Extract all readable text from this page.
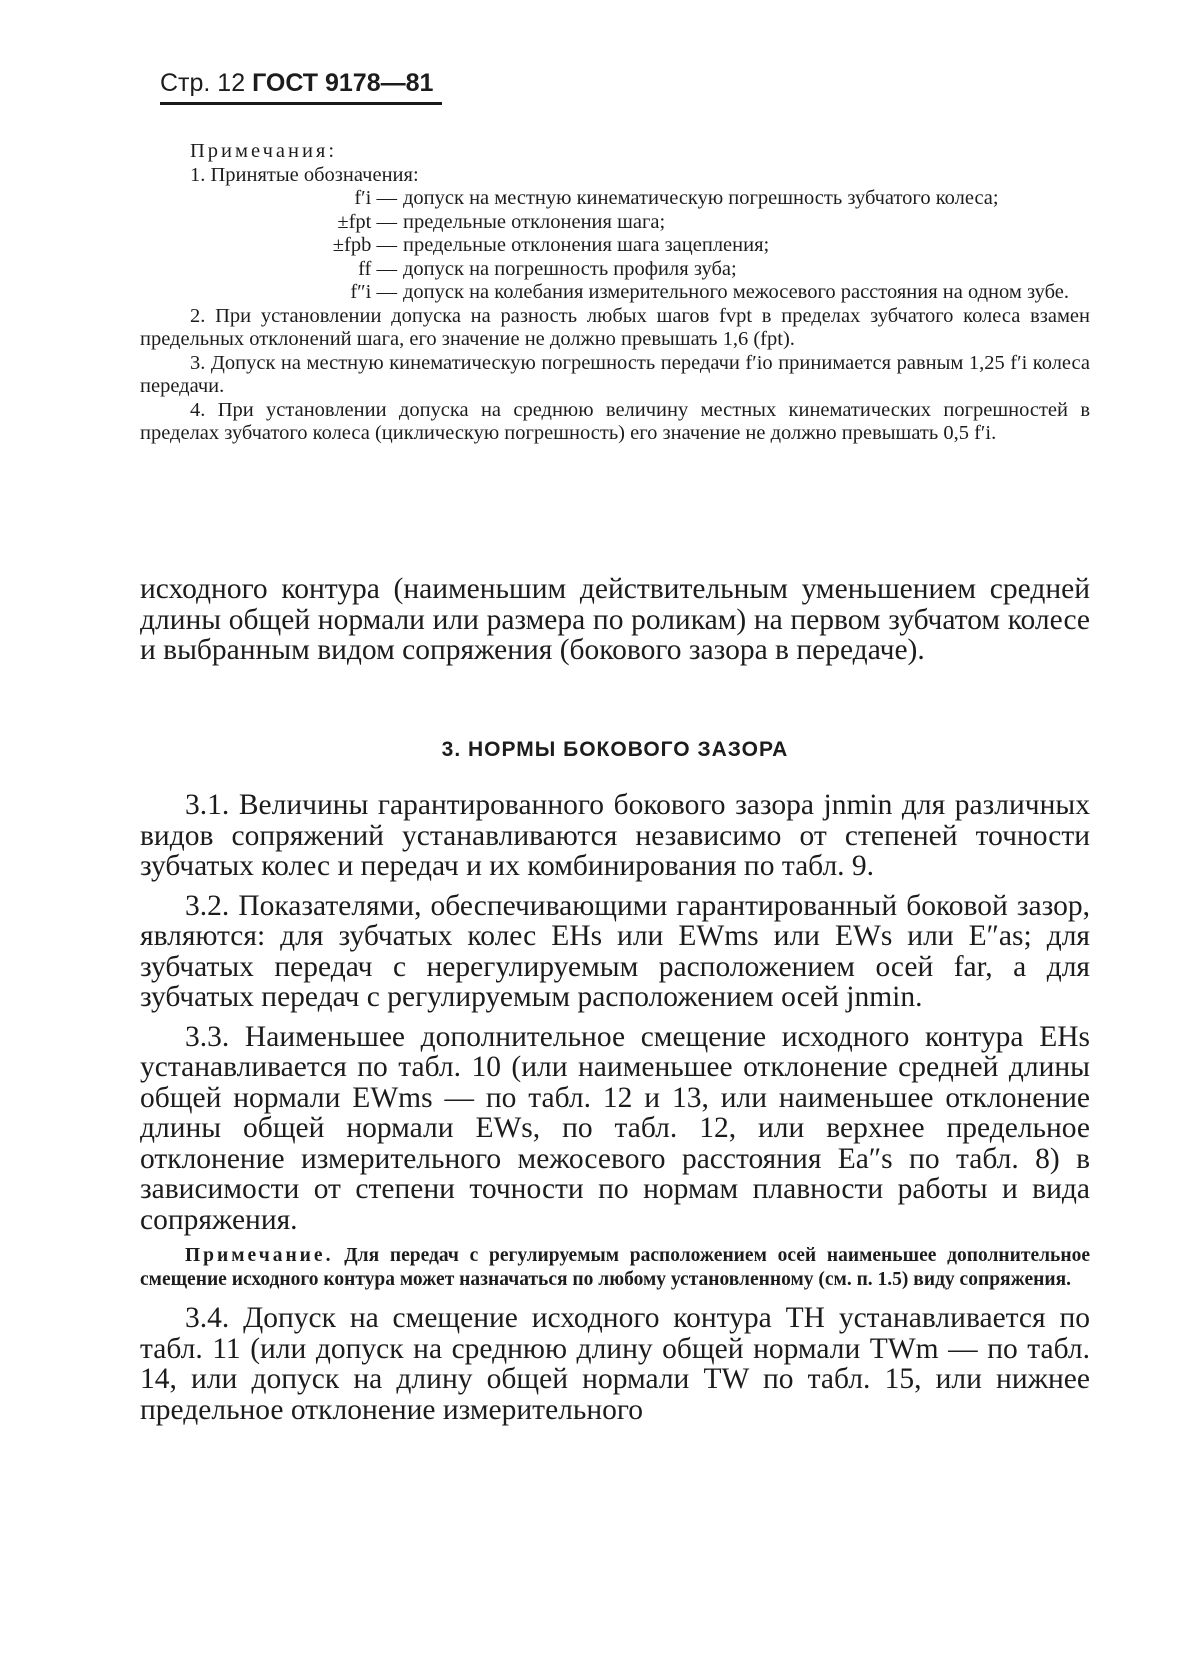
Стр. 12 ГОСТ 9178—81
Примечания:
1. Принятые обозначения:
f′i — допуск на местную кинематическую погрешность зубчатого колеса;
±fpt — предельные отклонения шага;
±fpb — предельные отклонения шага зацепления;
ff — допуск на погрешность профиля зуба;
f″i — допуск на колебания измерительного межосевого расстояния на одном зубе.
2. При установлении допуска на разность любых шагов fvpt в пределах зубчатого колеса взамен предельных отклонений шага, его значение не должно превышать 1,6 (fpt).
3. Допуск на местную кинематическую погрешность передачи f′io принимается равным 1,25 f′i колеса передачи.
4. При установлении допуска на среднюю величину местных кинематических погрешностей в пределах зубчатого колеса (циклическую погрешность) его значение не должно превышать 0,5 f′i.
исходного контура (наименьшим действительным уменьшением средней длины общей нормали или размера по роликам) на первом зубчатом колесе и выбранным видом сопряжения (бокового зазора в передаче).
3. НОРМЫ БОКОВОГО ЗАЗОРА

3.1. Величины гарантированного бокового зазора jnmin для различных видов сопряжений устанавливаются независимо от степеней точности зубчатых колес и передач и их комбинирования по табл. 9.

3.2. Показателями, обеспечивающими гарантированный боковой зазор, являются: для зубчатых колес EHs или EWms или EWs или E″as; для зубчатых передач с нерегулируемым расположением осей far, а для зубчатых передач с регулируемым расположением осей jnmin.

3.3. Наименьшее дополнительное смещение исходного контура EHs устанавливается по табл. 10 (или наименьшее отклонение средней длины общей нормали EWms — по табл. 12 и 13, или наименьшее отклонение длины общей нормали EWs, по табл. 12, или верхнее предельное отклонение измерительного межосевого расстояния Ea″s по табл. 8) в зависимости от степени точности по нормам плавности работы и вида сопряжения.

Примечание. Для передач с регулируемым расположением осей наименьшее дополнительное смещение исходного контура может назначаться по любому установленному (см. п. 1.5) виду сопряжения.

3.4. Допуск на смещение исходного контура TH устанавливается по табл. 11 (или допуск на среднюю длину общей нормали TWm — по табл. 14, или допуск на длину общей нормали TW по табл. 15, или нижнее предельное отклонение измерительного
